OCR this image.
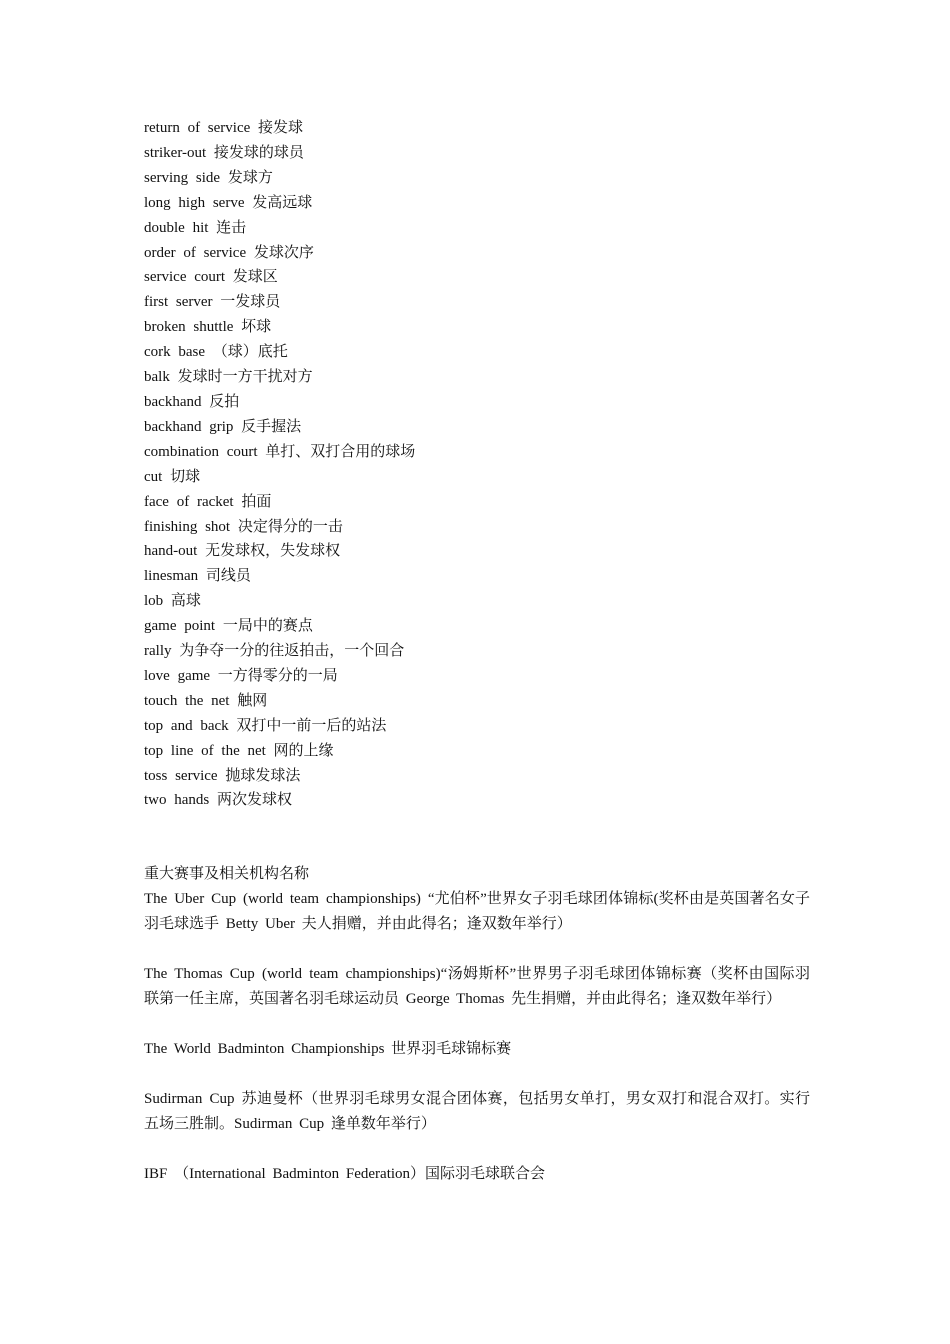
return of service 接发球
striker-out 接发球的球员
serving side 发球方
long high serve 发高远球
double hit 连击
order of service 发球次序
service court 发球区
first server 一发球员
broken shuttle 坏球
cork base （球）底托
balk 发球时一方干扰对方
backhand 反拍
backhand grip 反手握法
combination court 单打、双打合用的球场
cut 切球
face of racket 拍面
finishing shot 决定得分的一击
hand-out 无发球权，失发球权
linesman 司线员
lob 高球
game point 一局中的赛点
rally 为争夺一分的往返拍击，一个回合
love game 一方得零分的一局
touch the net 触网
top and back 双打中一前一后的站法
top line of the net 网的上缘
toss service 抛球发球法
two hands 两次发球权
重大赛事及相关机构名称
The Uber Cup (world team championships) “尤伯杯”世界女子羽毛球团体锦标(奖杯由是英国著名女子羽毛球选手 Betty Uber 夫人捐赠，并由此得名；逢双数年举行）
The Thomas Cup (world team championships)“汤姆斯杯”世界男子羽毛球团体锦标赛（奖杯由国际羽联第一任主席，英国著名羽毛球运动员 George Thomas 先生捐赠，并由此得名；逢双数年举行）
The World Badminton Championships 世界羽毛球锦标赛
Sudirman Cup 苏迪曼杯（世界羽毛球男女混合团体赛，包括男女单打，男女双打和混合双打。实行五场三胜制。Sudirman Cup 逢单数年举行）
IBF （International Badminton Federation）国际羽毛球联合会
